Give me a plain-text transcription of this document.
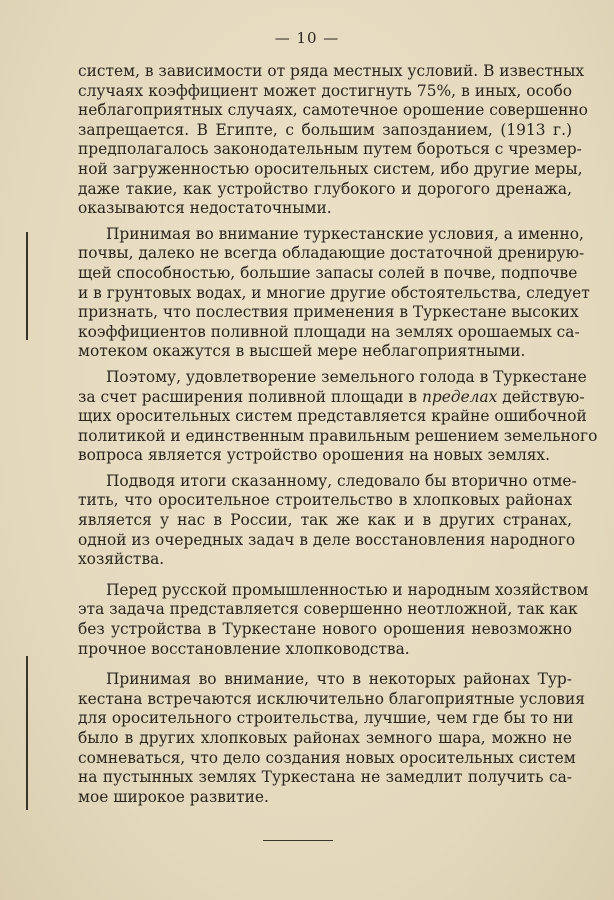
— 10 —
систем, в зависимости от ряда местных условий. В известных
случаях коэффициент может достигнуть 75%, в иных, особо
неблагоприятных случаях, самотечное орошение совершенно
запрещается. В Египте, с большим запозданием, (1913 г.)
предполагалось законодательным путем бороться с чрезмер-
ной загруженностью оросительных систем, ибо другие меры,
даже такие, как устройство глубокого и дорогого дренажа,
оказываются недостаточными.
Принимая во внимание туркестанские условия, а именно,
почвы, далеко не всегда обладающие достаточной дренирую-
щей способностью, большие запасы солей в почве, подпочве
и в грунтовых водах, и многие другие обстоятельства, следует
признать, что послествия применения в Туркестане высоких
коэффициентов поливной площади на землях орошаемых са-
мотеком окажутся в высшей мере неблагоприятными.
Поэтому, удовлетворение земельного голода в Туркестане
за счет расширения поливной площади в пределах действую-
щих оросительных систем представляется крайне ошибочной
политикой и единственным правильным решением земельного
вопроса является устройство орошения на новых землях.
Подводя итоги сказанному, следовало бы вторично отме-
тить, что оросительное строительство в хлопковых районах
является у нас в России, так же как и в других странах,
одной из очередных задач в деле восстановления народного
хозяйства.
Перед русской промышленностью и народным хозяйством
эта задача представляется совершенно неотложной, так как
без устройства в Туркестане нового орошения невозможно
прочное восстановление хлопководства.
Принимая во внимание, что в некоторых районах Тур-
кестана встречаются исключительно благоприятные условия
для оросительного строительства, лучшие, чем где бы то ни
было в других хлопковых районах земного шара, можно не
сомневаться, что дело создания новых оросительных систем
на пустынных землях Туркестана не замедлит получить са-
мое широкое развитие.
